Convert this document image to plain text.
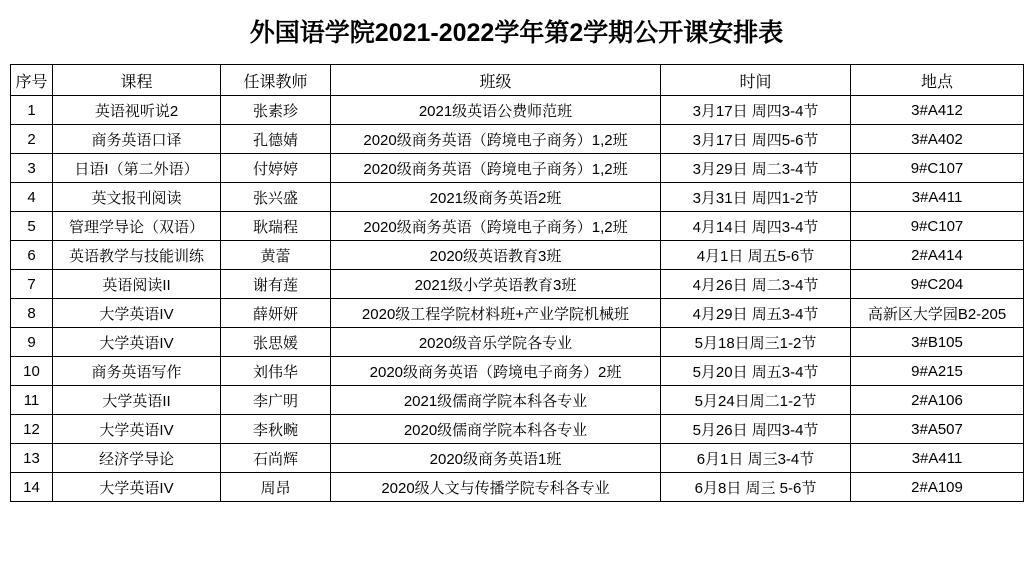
外国语学院2021-2022学年第2学期公开课安排表
序号	课程	任课教师	班级	时间	地点
1	英语视听说2	张素珍	2021级英语公费师范班	3月17日 周四3-4节	3#A412
2	商务英语口译	孔德婧	2020级商务英语（跨境电子商务）1,2班	3月17日 周四5-6节	3#A402
3	日语I（第二外语）	付婷婷	2020级商务英语（跨境电子商务）1,2班	3月29日 周二3-4节	9#C107
4	英文报刊阅读	张兴盛	2021级商务英语2班	3月31日 周四1-2节	3#A411
5	管理学导论（双语）	耿瑞程	2020级商务英语（跨境电子商务）1,2班	4月14日 周四3-4节	9#C107
6	英语教学与技能训练	黄蕾	2020级英语教育3班	4月1日 周五5-6节	2#A414
7	英语阅读II	谢有莲	2021级小学英语教育3班	4月26日 周二3-4节	9#C204
8	大学英语IV	薛妍妍	2020级工程学院材料班+产业学院机械班	4月29日 周五3-4节	高新区大学园B2-205
9	大学英语IV	张思媛	2020级音乐学院各专业	5月18日周三1-2节	3#B105
10	商务英语写作	刘伟华	2020级商务英语（跨境电子商务）2班	5月20日 周五3-4节	9#A215
11	大学英语II	李广明	2021级儒商学院本科各专业	5月24日周二1-2节	2#A106
12	大学英语IV	李秋畹	2020级儒商学院本科各专业	5月26日 周四3-4节	3#A507
13	经济学导论	石尚辉	2020级商务英语1班	6月1日 周三3-4节	3#A411
14	大学英语IV	周昂	2020级人文与传播学院专科各专业	6月8日 周三 5-6节	2#A109
